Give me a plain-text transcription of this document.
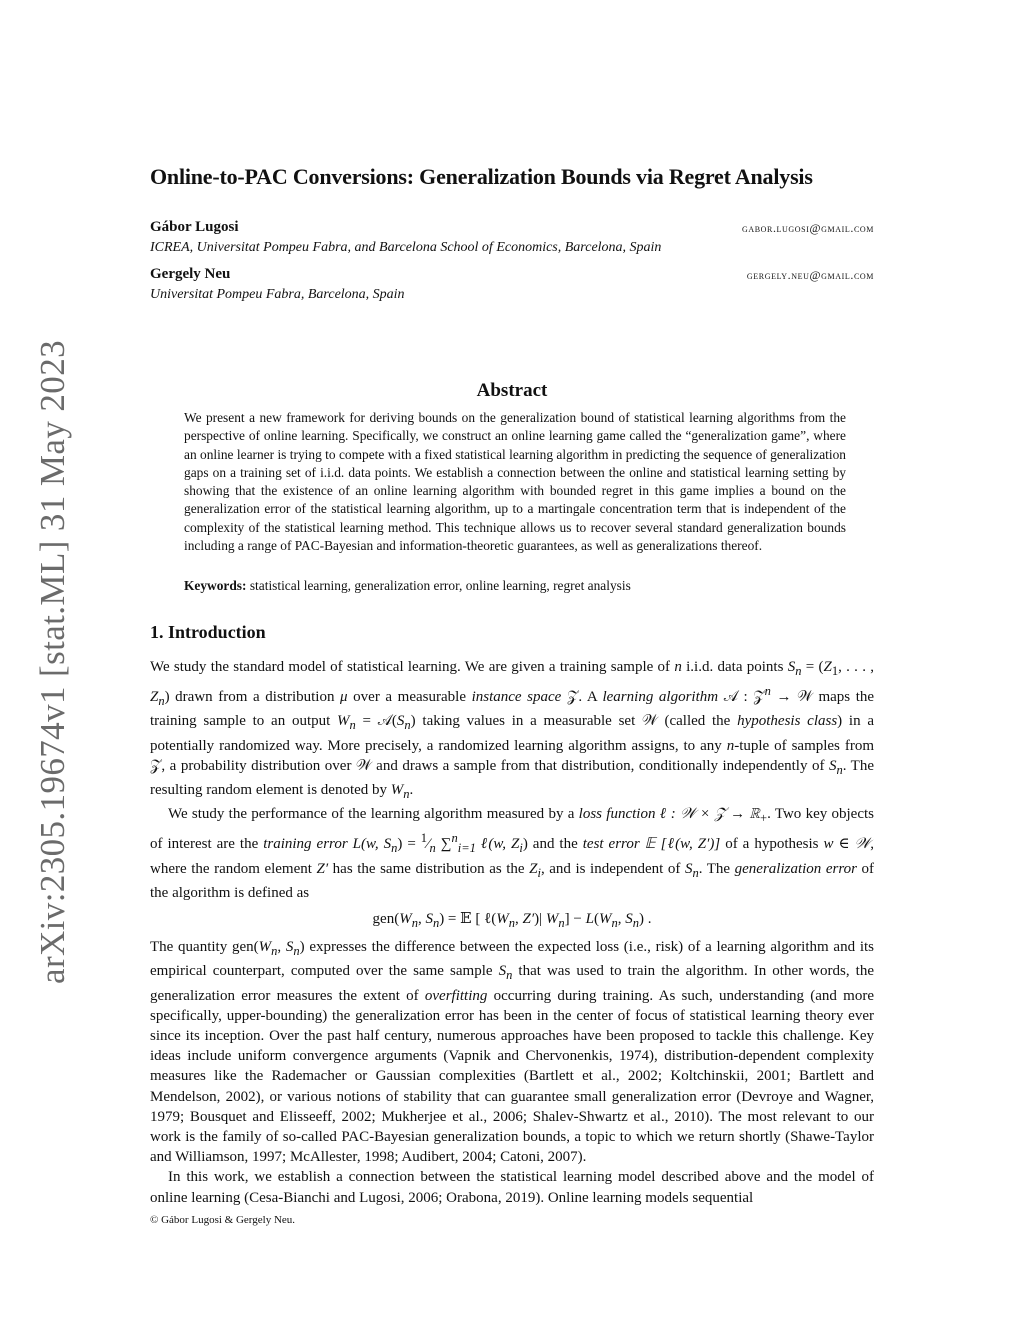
arXiv:2305.19674v1 [stat.ML] 31 May 2023
Online-to-PAC Conversions: Generalization Bounds via Regret Analysis
Gábor Lugosi	gabor.lugosi@gmail.com
ICREA, Universitat Pompeu Fabra, and Barcelona School of Economics, Barcelona, Spain
Gergely Neu	gergely.neu@gmail.com
Universitat Pompeu Fabra, Barcelona, Spain
Abstract

We present a new framework for deriving bounds on the generalization bound of statistical learning algorithms from the perspective of online learning. Specifically, we construct an online learning game called the “generalization game”, where an online learner is trying to compete with a fixed statistical learning algorithm in predicting the sequence of generalization gaps on a training set of i.i.d. data points. We establish a connection between the online and statistical learning setting by showing that the existence of an online learning algorithm with bounded regret in this game implies a bound on the generalization error of the statistical learning algorithm, up to a martingale concentration term that is independent of the complexity of the statistical learning method. This technique allows us to recover several standard generalization bounds including a range of PAC-Bayesian and information-theoretic guarantees, as well as generalizations thereof.

Keywords: statistical learning, generalization error, online learning, regret analysis

1. Introduction

We study the standard model of statistical learning. We are given a training sample of n i.i.d. data points $S_n = (Z_1$, . . . , $Z_n$) drawn from a distribution μ over a measurable instance space 𝒵. A learning algorithm 𝒜 : 𝒵$^n$ → 𝒲 maps the training sample to an output $W_n$ = $𝒜(S_n)$ taking values in a measurable set 𝒲 (called the hypothesis class) in a potentially randomized way. More precisely, a randomized learning algorithm assigns, to any n-tuple of samples from 𝒵, a probability distribution over 𝒲 and draws a sample from that distribution, conditionally independently of $S_n$. The resulting random element is denoted by $W_n$.

We study the performance of the learning algorithm measured by a loss function ℓ : 𝒲 × 𝒵 → ℝ$_+$. Two key objects of interest are the training error L(w, $S_n$) = $^1⁄_n$ ∑$^n_{i=1}$ ℓ(w, $Z_i$) and the test error 𝔼 [ℓ(w, Z′)] of a hypothesis w ∈ 𝒲, where the random element Z′ has the same distribution as the $Z_i$, and is independent of $S_n$. The generalization error of the algorithm is defined as

$gen(W_n$, $S_n$) = 𝔼 [ $\ell(W_n$, Z′)| $W_n] - L(W_n$, $S_n$) .

The quantity $gen(W_n$, $S_n$) expresses the difference between the expected loss (i.e., risk) of a learning algorithm and its empirical counterpart, computed over the same sample $S_n$ that was used to train the algorithm. In other words, the generalization error measures the extent of overfitting occurring during training. As such, understanding (and more specifically, upper-bounding) the generalization error has been in the center of focus of statistical learning theory ever since its inception. Over the past half century, numerous approaches have been proposed to tackle this challenge. Key ideas include uniform convergence arguments (Vapnik and Chervonenkis, 1974), distribution-dependent complexity measures like the Rademacher or Gaussian complexities (Bartlett et al., 2002; Koltchinskii, 2001; Bartlett and Mendelson, 2002), or various notions of stability that can guarantee small generalization error (Devroye and Wagner, 1979; Bousquet and Elisseeff, 2002; Mukherjee et al., 2006; Shalev-Shwartz et al., 2010). The most relevant to our work is the family of so-called PAC-Bayesian generalization bounds, a topic to which we return shortly (Shawe-Taylor and Williamson, 1997; McAllester, 1998; Audibert, 2004; Catoni, 2007).

In this work, we establish a connection between the statistical learning model described above and the model of online learning (Cesa-Bianchi and Lugosi, 2006; Orabona, 2019). Online learning models sequential

© Gábor Lugosi & Gergely Neu.
